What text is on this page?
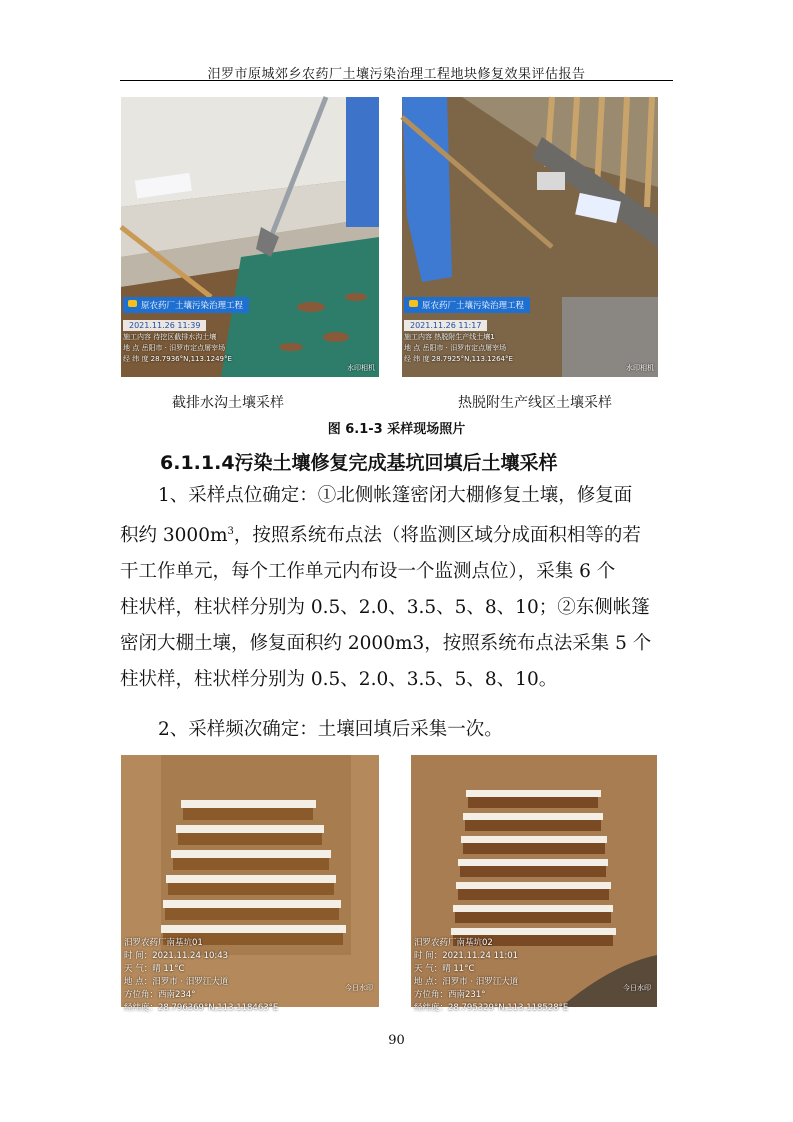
汨罗市原城郊乡农药厂土壤污染治理工程地块修复效果评估报告
原农药厂土壤污染治理工程
2021.11.26 11:39
施工内容 待挖区截排水沟土壤
地 点 岳阳市 · 汨罗市定点屠宰场
经 纬 度 28.7936°N,113.1249°E
水印相机
原农药厂土壤污染治理工程
2021.11.26 11:17
施工内容 热脱附生产线土壤1
地 点 岳阳市 · 汨罗市定点屠宰场
经 纬 度 28.7925°N,113.1264°E
水印相机
截排水沟土壤采样	热脱附生产线区土壤采样
图 6.1-3 采样现场照片
6.1.1.4污染土壤修复完成基坑回填后土壤采样
1、采样点位确定：①北侧帐篷密闭大棚修复土壤，修复面
积约 $3000m^3$，按照系统布点法（将监测区域分成面积相等的若
干工作单元，每个工作单元内布设一个监测点位），采集 6 个
柱状样，柱状样分别为 0.5、2.0、3.5、5、8、10；②东侧帐篷
密闭大棚土壤，修复面积约 2000m3，按照系统布点法采集 5 个
柱状样，柱状样分别为 0.5、2.0、3.5、5、8、10。
2、采样频次确定：土壤回填后采集一次。
汨罗农药厂南基坑01
时 间：2021.11.24 10:43
天 气：晴 11°C
地 点：汨罗市 · 汨罗江大道
方位角：西南234°
经纬度：28.796369°N,113.118463°E
今日水印
汨罗农药厂南基坑02
时 间：2021.11.24 11:01
天 气：晴 11°C
地 点：汨罗市 · 汨罗江大道
方位角：西南231°
经纬度：28.795329°N,113.118528°E
今日水印
90
